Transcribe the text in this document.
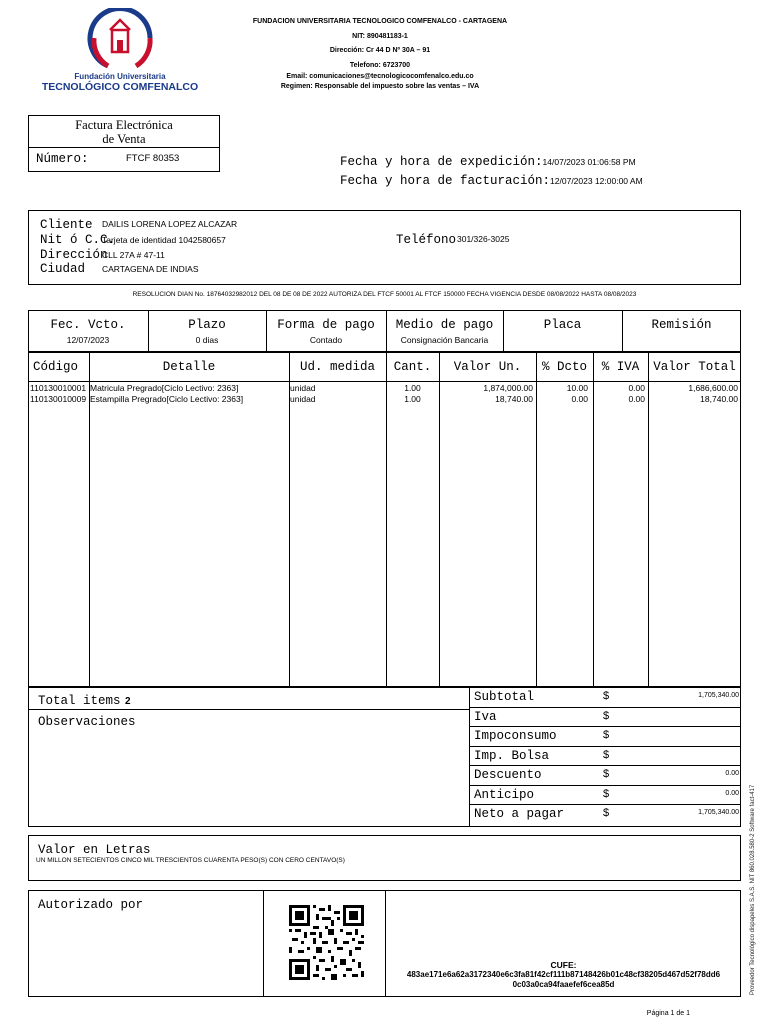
Fundación Universitaria
TECNOLÓGICO COMFENALCO
FUNDACION UNIVERSITARIA TECNOLOGICO COMFENALCO - CARTAGENA
NIT: 890481183-1
Dirección: Cr 44 D Nº 30A – 91
Telefono: 6723700
Email: comunicaciones@tecnologicocomfenalco.edu.co
Regimen: Responsable del impuesto sobre las ventas – IVA
Factura Electrónica
de Venta
Número:	FTCF 80353	Fecha y hora de expedición:14/07/2023 01:06:58 PM
Fecha y hora de facturación:12/07/2023 12:00:00 AM
Cliente DAILIS LORENA LOPEZ ALCAZAR
Nit ó C.C.
Tarjeta de identidad 1042580657
Dirección
CLL 27A # 47-11
Ciudad CARTAGENA DE INDIAS
Teléfono 301/326-3025
RESOLUCION DIAN No. 18764032982012 DEL 08 DE 08 DE 2022 AUTORIZA DEL FTCF 50001 AL FTCF 150000 FECHA VIGENCIA DESDE 08/08/2022 HASTA 08/08/2023
Fec. Vcto.	Plazo	Forma de pago	Medio de pago	Placa	Remisión
12/07/2023	0 dias	Contado	Consignación Bancaria
Código	Detalle	Ud. medida	Cant.	Valor Un.	% Dcto	% IVA	Valor Total
110130010001 Matricula Pregrado[Ciclo Lectivo: 2363]	unidad	1.00	1,874,000.00	10.00	0.00	1,686,600.00
110130010009 Estampilla Pregrado[Ciclo Lectivo: 2363]	unidad	1.00	18,740.00	0.00	0.00	18,740.00
Total items 2
Observaciones
Subtotal	$	1,705,340.00
Iva	$
Impoconsumo	$
Imp. Bolsa	$
Descuento	$	0.00
Anticipo	$	0.00
Neto a pagar	$	1,705,340.00
Valor en Letras
UN MILLON SETECIENTOS CINCO MIL TRESCIENTOS CUARENTA PESO(S) CON CERO CENTAVO(S)
Autorizado por
CUFE:
483ae171e6a62a3172340e6c3fa81f42cf111b87148426b01c48cf38205d467d52f78dd6
0c03a0ca94faaefef6cea85d	Proveedor Tecnológico dispapeles S.A.S. NIT 860.028.580-2 Software fact-417
Página 1 de 1
